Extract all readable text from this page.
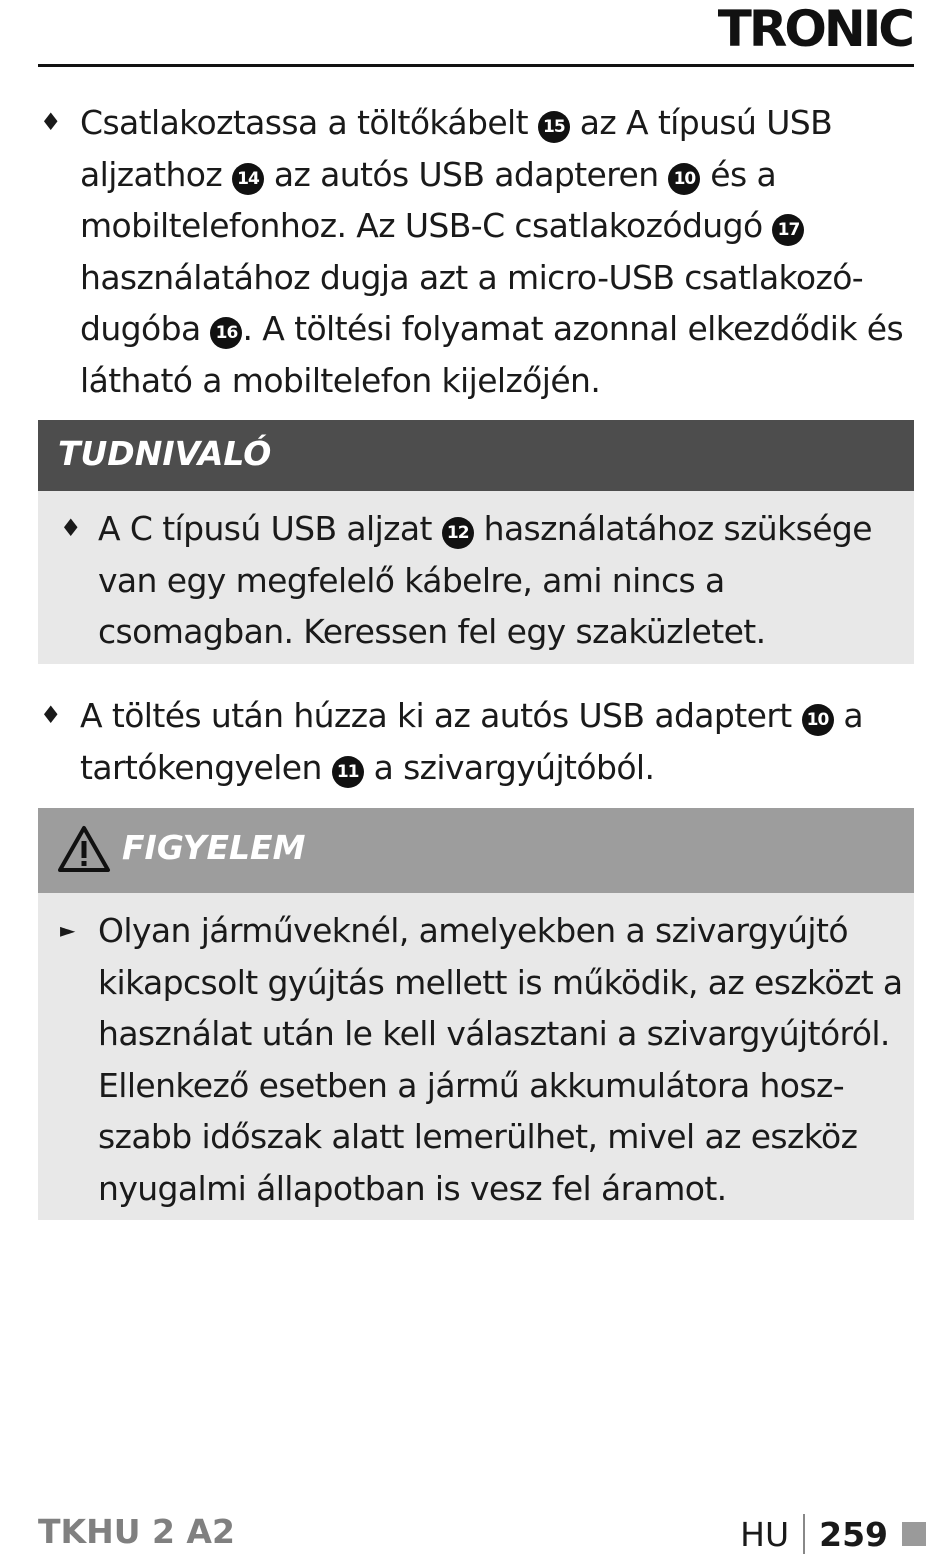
TRONIC
♦ Csatlakoztassa a töltőkábelt 15 az A típusú USB aljzathoz 14 az autós USB adapteren 10 és a mobiltelefonhoz. Az USB-C csatlakozódugó 17 használatához dugja azt a micro-USB csatlakozódugóba 16 . A töltési folyamat azonnal elkezdődik és látható a mobiltelefon kijelzőjén.
TUDNIVALÓ
♦ A C típusú USB aljzat 12 használatához szüksége van egy megfelelő kábelre, ami nincs a csomagban. Keressen fel egy szaküzletet.
♦ A töltés után húzza ki az autós USB adaptert 10 a tartókengyelen 11 a szivargyújtóból.
FIGYELEM
► Olyan járműveknél, amelyekben a szivargyújtó kikapcsolt gyújtás mellett is működik, az eszközt a használat után le kell választani a szivargyújtóról. Ellenkező esetben a jármű akkumulátora hoszszabb időszak alatt lemerülhet, mivel az eszköz nyugalmi állapotban is vesz fel áramot.
TKHU 2 A2	HU 259
